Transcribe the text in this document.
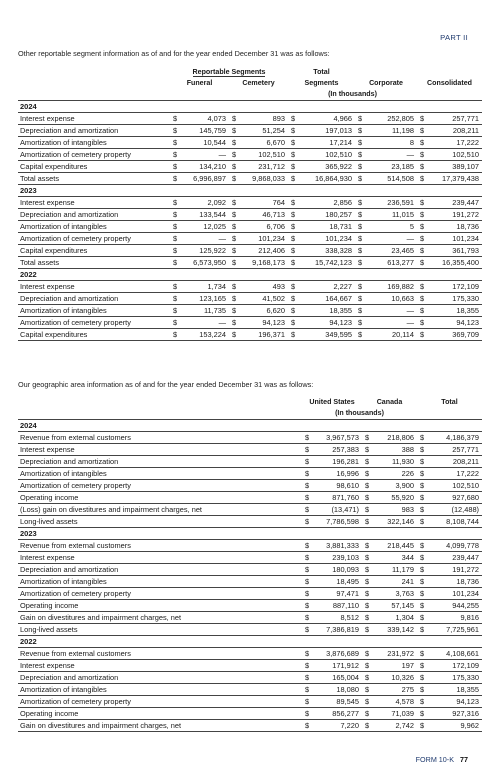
PART II
Other reportable segment information as of and for the year ended December 31 was as follows:
	Reportable Segments				Total					
	Funeral		Cemetery		Segments		Corporate		Consolidated	
					(In thousands)					
2024										
Interest expense	$	4,073	$	893	$	4,966	$	252,805	$	257,771
Depreciation and amortization	$	145,759	$	51,254	$	197,013	$	11,198	$	208,211
Amortization of intangibles	$	10,544	$	6,670	$	17,214	$	8	$	17,222
Amortization of cemetery property	$	—	$	102,510	$	102,510	$	—	$	102,510
Capital expenditures	$	134,210	$	231,712	$	365,922	$	23,185	$	389,107
Total assets	$	6,996,897	$	9,868,033	$	16,864,930	$	514,508	$	17,379,438
2023										
Interest expense	$	2,092	$	764	$	2,856	$	236,591	$	239,447
Depreciation and amortization	$	133,544	$	46,713	$	180,257	$	11,015	$	191,272
Amortization of intangibles	$	12,025	$	6,706	$	18,731	$	5	$	18,736
Amortization of cemetery property	$	—	$	101,234	$	101,234	$	—	$	101,234
Capital expenditures	$	125,922	$	212,406	$	338,328	$	23,465	$	361,793
Total assets	$	6,573,950	$	9,168,173	$	15,742,123	$	613,277	$	16,355,400
2022										
Interest expense	$	1,734	$	493	$	2,227	$	169,882	$	172,109
Depreciation and amortization	$	123,165	$	41,502	$	164,667	$	10,663	$	175,330
Amortization of intangibles	$	11,735	$	6,620	$	18,355	$	—	$	18,355
Amortization of cemetery property	$	—	$	94,123	$	94,123	$	—	$	94,123
Capital expenditures	$	153,224	$	196,371	$	349,595	$	20,114	$	369,709
Our geographic area information as of and for the year ended December 31 was as follows:
	United States		Canada		Total	
	(In thousands)					
2024						
Revenue from external customers	$	3,967,573	$	218,806	$	4,186,379
Interest expense	$	257,383	$	388	$	257,771
Depreciation and amortization	$	196,281	$	11,930	$	208,211
Amortization of intangibles	$	16,996	$	226	$	17,222
Amortization of cemetery property	$	98,610	$	3,900	$	102,510
Operating income	$	871,760	$	55,920	$	927,680
(Loss) gain on divestitures and impairment charges, net	$	(13,471)	$	983	$	(12,488)
Long-lived assets	$	7,786,598	$	322,146	$	8,108,744
2023						
Revenue from external customers	$	3,881,333	$	218,445	$	4,099,778
Interest expense	$	239,103	$	344	$	239,447
Depreciation and amortization	$	180,093	$	11,179	$	191,272
Amortization of intangibles	$	18,495	$	241	$	18,736
Amortization of cemetery property	$	97,471	$	3,763	$	101,234
Operating income	$	887,110	$	57,145	$	944,255
Gain on divestitures and impairment charges, net	$	8,512	$	1,304	$	9,816
Long-lived assets	$	7,386,819	$	339,142	$	7,725,961
2022						
Revenue from external customers	$	3,876,689	$	231,972	$	4,108,661
Interest expense	$	171,912	$	197	$	172,109
Depreciation and amortization	$	165,004	$	10,326	$	175,330
Amortization of intangibles	$	18,080	$	275	$	18,355
Amortization of cemetery property	$	89,545	$	4,578	$	94,123
Operating income	$	856,277	$	71,039	$	927,316
Gain on divestitures and impairment charges, net	$	7,220	$	2,742	$	9,962
FORM 10-K 77
